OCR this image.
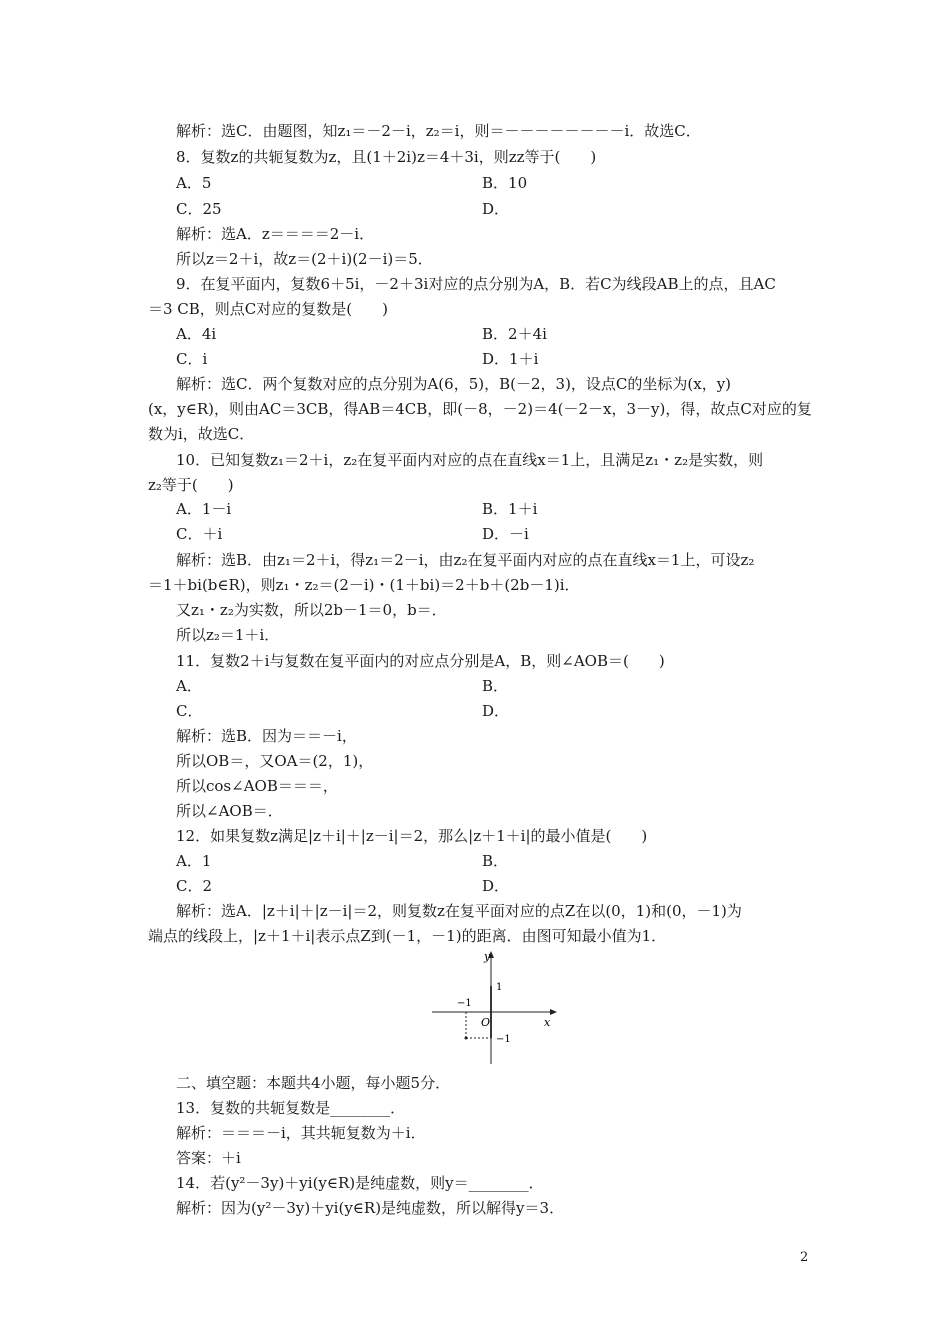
解析：选C．由题图，知z₁＝－2－i，z₂＝i，则＝－－－－－－－－i．故选C．
8．复数z的共轭复数为z，且(1＋2i)z＝4＋3i，则zz等于(　　)
A．5	B．10
C．25	D．
解析：选A．z＝＝＝＝2－i．
所以z＝2＋i，故z＝(2＋i)(2－i)＝5．
9．在复平面内，复数6＋5i，－2＋3i对应的点分别为A，B．若C为线段AB上的点，且AC
＝3 CB，则点C对应的复数是(　　)
A．4i	B．2＋4i
C．i	D．1＋i
解析：选C．两个复数对应的点分别为A(6，5)，B(－2，3)，设点C的坐标为(x，y)
(x，y∈R)，则由AC＝3CB，得AB＝4CB，即(－8，－2)＝4(－2－x，3－y)，得，故点C对应的复
数为i，故选C．
10．已知复数z₁＝2＋i，z₂在复平面内对应的点在直线x＝1上，且满足z₁・z₂是实数，则
z₂等于(　　)
A．1－i	B．1＋i
C．＋i	D．－i
解析：选B．由z₁＝2＋i，得z₁＝2－i，由z₂在复平面内对应的点在直线x＝1上，可设z₂
＝1＋bi(b∈R)，则z₁・z₂＝(2－i)・(1＋bi)＝2＋b＋(2b－1)i．
又z₁・z₂为实数，所以2b－1＝0，b＝．
所以z₂＝1＋i．
11．复数2＋i与复数在复平面内的对应点分别是A，B，则∠AOB＝(　　)
A．	B．
C．	D．
解析：选B．因为＝＝－i，
所以OB＝，又OA＝(2，1)，
所以cos∠AOB＝＝＝，
所以∠AOB＝．
12．如果复数z满足|z＋i|＋|z－i|＝2，那么|z＋1＋i|的最小值是(　　)
A．1	B．
C．2	D．
解析：选A．|z＋i|＋|z－i|＝2，则复数z在复平面对应的点Z在以(0，1)和(0，－1)为
端点的线段上，|z＋1＋i|表示点Z到(－1，－1)的距离．由图可知最小值为1．
y
x
O
1
−1
−1
二、填空题：本题共4小题，每小题5分．
13．复数的共轭复数是________．
解析：＝＝＝－i，其共轭复数为＋i．
答案：＋i
14．若(y²－3y)＋yi(y∈R)是纯虚数，则y＝________．
解析：因为(y²－3y)＋yi(y∈R)是纯虚数，所以解得y＝3．
2
